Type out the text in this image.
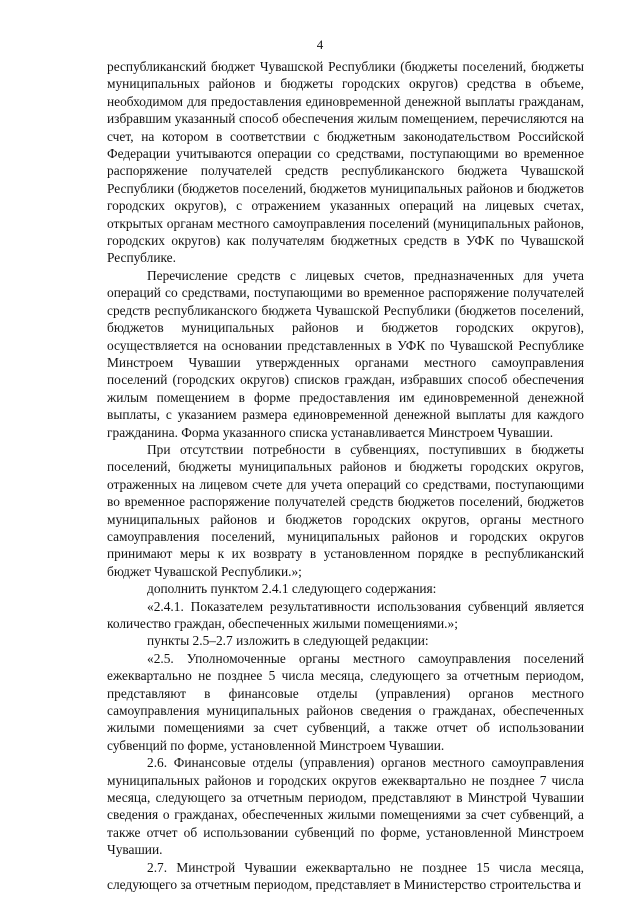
4

республиканский бюджет Чувашской Республики (бюджеты поселений, бюджеты муниципальных районов и бюджеты городских округов) средства в объеме, необходимом для предоставления единовременной денежной выплаты гражданам, избравшим указанный способ обеспечения жилым помещением, перечисляются на счет, на котором в соответствии с бюджетным законодательством Российской Федерации учитываются операции со средствами, поступающими во временное распоряжение получателей средств республиканского бюджета Чувашской Республики (бюджетов поселений, бюджетов муниципальных районов и бюджетов городских округов), с отражением указанных операций на лицевых счетах, открытых органам местного самоуправления поселений (муниципальных районов, городских округов) как получателям бюджетных средств в УФК по Чувашской Республике.

Перечисление средств с лицевых счетов, предназначенных для учета операций со средствами, поступающими во временное распоряжение получателей средств республиканского бюджета Чувашской Республики (бюджетов поселений, бюджетов муниципальных районов и бюджетов городских округов), осуществляется на основании представленных в УФК по Чувашской Республике Минстроем Чувашии утвержденных органами местного самоуправления поселений (городских округов) списков граждан, избравших способ обеспечения жилым помещением в форме предоставления им единовременной денежной выплаты, с указанием размера единовременной денежной выплаты для каждого гражданина. Форма указанного списка устанавливается Минстроем Чувашии.

При отсутствии потребности в субвенциях, поступивших в бюджеты поселений, бюджеты муниципальных районов и бюджеты городских округов, отраженных на лицевом счете для учета операций со средствами, поступающими во временное распоряжение получателей средств бюджетов поселений, бюджетов муниципальных районов и бюджетов городских округов, органы местного самоуправления поселений, муниципальных районов и городских округов принимают меры к их возврату в установленном порядке в республиканский бюджет Чувашской Республики.»;

дополнить пунктом 2.4.1 следующего содержания:

«2.4.1. Показателем результативности использования субвенций является количество граждан, обеспеченных жилыми помещениями.»;

пункты 2.5–2.7 изложить в следующей редакции:

«2.5. Уполномоченные органы местного самоуправления поселений ежеквартально не позднее 5 числа месяца, следующего за отчетным периодом, представляют в финансовые отделы (управления) органов местного самоуправления муниципальных районов сведения о гражданах, обеспеченных жилыми помещениями за счет субвенций, а также отчет об использовании субвенций по форме, установленной Минстроем Чувашии.

2.6. Финансовые отделы (управления) органов местного самоуправления муниципальных районов и городских округов ежеквартально не позднее 7 числа месяца, следующего за отчетным периодом, представляют в Минстрой Чувашии сведения о гражданах, обеспеченных жилыми помещениями за счет субвенций, а также отчет об использовании субвенций по форме, установленной Минстроем Чувашии.

2.7. Минстрой Чувашии ежеквартально не позднее 15 числа месяца, следующего за отчетным периодом, представляет в Министерство строительства и
